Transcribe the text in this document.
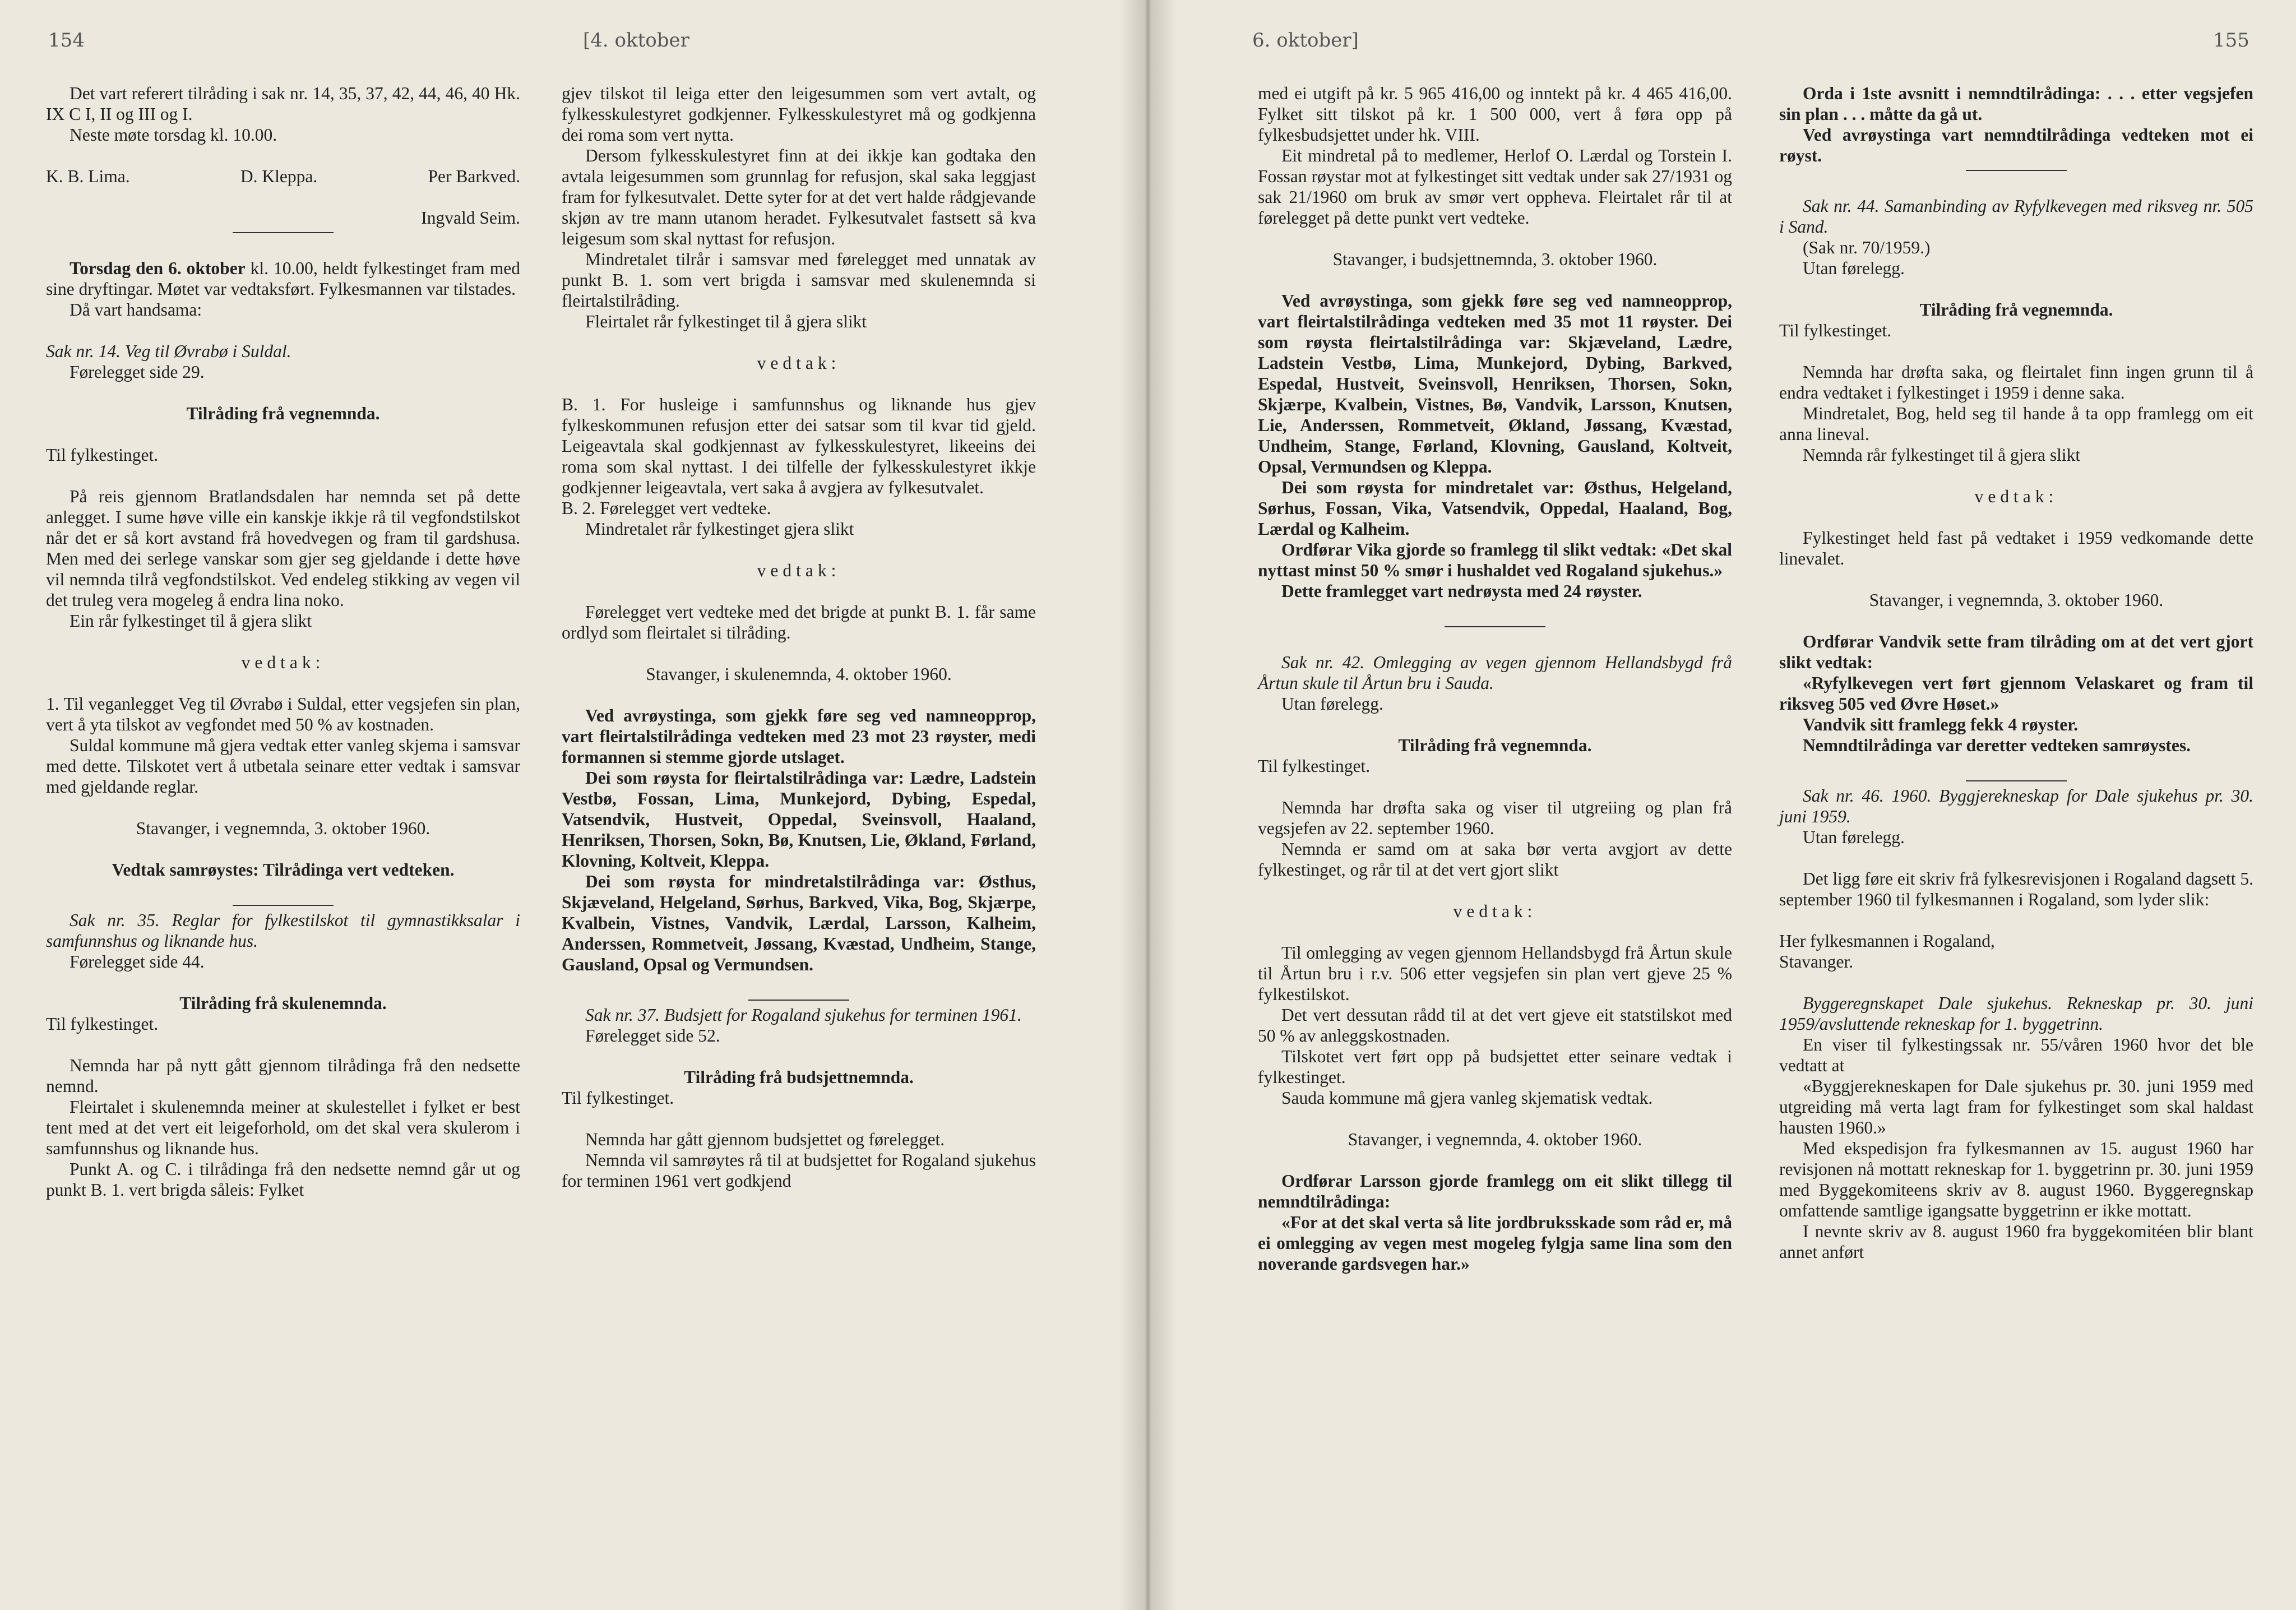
154	[4. oktober

Det vart referert tilråding i sak nr. 14, 35, 37, 42, 44, 46, 40 Hk. IX C I, II og III og I.

Neste møte torsdag kl. 10.00.

K. B. Lima.	D. Kleppa.	Per Barkved.

Ingvald Seim.

Torsdag den 6. oktober kl. 10.00, heldt fylkestinget fram med sine dryftingar. Møtet var vedtaksført. Fylkesmannen var tilstades.

Då vart handsama:

Sak nr. 14. Veg til Øvrabø i Suldal.

Førelegget side 29.

Tilråding frå vegnemnda.

Til fylkestinget.

På reis gjennom Bratlandsdalen har nemnda set på dette anlegget. I sume høve ville ein kanskje ikkje rå til vegfondstilskot når det er så kort avstand frå hovedvegen og fram til gardshusa. Men med dei serlege vanskar som gjer seg gjeldande i dette høve vil nemnda tilrå vegfondstilskot. Ved endeleg stikking av vegen vil det truleg vera mogeleg å endra lina noko.

Ein rår fylkestinget til å gjera slikt

vedtak:

1. Til veganlegget Veg til Øvrabø i Suldal, etter vegsjefen sin plan, vert å yta tilskot av vegfondet med 50 % av kostnaden.

Suldal kommune må gjera vedtak etter vanleg skjema i samsvar med dette. Tilskotet vert å utbetala seinare etter vedtak i samsvar med gjeldande reglar.

Stavanger, i vegnemnda, 3. oktober 1960.

Vedtak samrøystes: Tilrådinga vert vedteken.

Sak nr. 35. Reglar for fylkestilskot til gymnastikksalar i samfunnshus og liknande hus.

Førelegget side 44.

Tilråding frå skulenemnda.

Til fylkestinget.

Nemnda har på nytt gått gjennom tilrådinga frå den nedsette nemnd.

Fleirtalet i skulenemnda meiner at skulestellet i fylket er best tent med at det vert eit leigeforhold, om det skal vera skulerom i samfunnshus og liknande hus.

Punkt A. og C. i tilrådinga frå den nedsette nemnd går ut og punkt B. 1. vert brigda såleis: Fylket

gjev tilskot til leiga etter den leigesummen som vert avtalt, og fylkesskulestyret godkjenner. Fylkesskulestyret må og godkjenna dei roma som vert nytta.

Dersom fylkesskulestyret finn at dei ikkje kan godtaka den avtala leigesummen som grunnlag for refusjon, skal saka leggjast fram for fylkesutvalet. Dette syter for at det vert halde rådgjevande skjøn av tre mann utanom heradet. Fylkesutvalet fastsett så kva leigesum som skal nyttast for refusjon.

Mindretalet tilrår i samsvar med førelegget med unnatak av punkt B. 1. som vert brigda i samsvar med skulenemnda si fleirtalstilråding.

Fleirtalet rår fylkestinget til å gjera slikt

vedtak:

B. 1. For husleige i samfunnshus og liknande hus gjev fylkeskommunen refusjon etter dei satsar som til kvar tid gjeld. Leigeavtala skal godkjennast av fylkesskulestyret, likeeins dei roma som skal nyttast. I dei tilfelle der fylkesskulestyret ikkje godkjenner leigeavtala, vert saka å avgjera av fylkesutvalet.

B. 2. Førelegget vert vedteke.

Mindretalet rår fylkestinget gjera slikt

vedtak:

Førelegget vert vedteke med det brigde at punkt B. 1. får same ordlyd som fleirtalet si tilråding.

Stavanger, i skulenemnda, 4. oktober 1960.

Ved avrøystinga, som gjekk føre seg ved namneopprop, vart fleirtalstilrådinga vedteken med 23 mot 23 røyster, medi formannen si stemme gjorde utslaget.

Dei som røysta for fleirtalstilrådinga var: Lædre, Ladstein Vestbø, Fossan, Lima, Munkejord, Dybing, Espedal, Vatsendvik, Hustveit, Oppedal, Sveinsvoll, Haaland, Henriksen, Thorsen, Sokn, Bø, Knutsen, Lie, Økland, Førland, Klovning, Koltveit, Kleppa.

Dei som røysta for mindretalstilrådinga var: Østhus, Skjæveland, Helgeland, Sørhus, Barkved, Vika, Bog, Skjærpe, Kvalbein, Vistnes, Vandvik, Lærdal, Larsson, Kalheim, Anderssen, Rommetveit, Jøssang, Kvæstad, Undheim, Stange, Gausland, Opsal og Vermundsen.

Sak nr. 37. Budsjett for Rogaland sjukehus for terminen 1961.

Førelegget side 52.

Tilråding frå budsjettnemnda.

Til fylkestinget.

Nemnda har gått gjennom budsjettet og førelegget.

Nemnda vil samrøytes rå til at budsjettet for Rogaland sjukehus for terminen 1961 vert godkjend

6. oktober]	155

med ei utgift på kr. 5 965 416,00 og inntekt på kr. 4 465 416,00. Fylket sitt tilskot på kr. 1 500 000, vert å føra opp på fylkesbudsjettet under hk. VIII.

Eit mindretal på to medlemer, Herlof O. Lærdal og Torstein I. Fossan røystar mot at fylkestinget sitt vedtak under sak 27/1931 og sak 21/1960 om bruk av smør vert oppheva. Fleirtalet rår til at førelegget på dette punkt vert vedteke.

Stavanger, i budsjettnemnda, 3. oktober 1960.

Ved avrøystinga, som gjekk føre seg ved namneopprop, vart fleirtalstilrådinga vedteken med 35 mot 11 røyster. Dei som røysta fleirtalstilrådinga var: Skjæveland, Lædre, Ladstein Vestbø, Lima, Munkejord, Dybing, Barkved, Espedal, Hustveit, Sveinsvoll, Henriksen, Thorsen, Sokn, Skjærpe, Kvalbein, Vistnes, Bø, Vandvik, Larsson, Knutsen, Lie, Anderssen, Rommetveit, Økland, Jøssang, Kvæstad, Undheim, Stange, Førland, Klovning, Gausland, Koltveit, Opsal, Vermundsen og Kleppa.

Dei som røysta for mindretalet var: Østhus, Helgeland, Sørhus, Fossan, Vika, Vatsendvik, Oppedal, Haaland, Bog, Lærdal og Kalheim.

Ordførar Vika gjorde so framlegg til slikt vedtak: «Det skal nyttast minst 50 % smør i hushaldet ved Rogaland sjukehus.»

Dette framlegget vart nedrøysta med 24 røyster.

Sak nr. 42. Omlegging av vegen gjennom Hellandsbygd frå Årtun skule til Årtun bru i Sauda.

Utan førelegg.

Tilråding frå vegnemnda.

Til fylkestinget.

Nemnda har drøfta saka og viser til utgreiing og plan frå vegsjefen av 22. september 1960.

Nemnda er samd om at saka bør verta avgjort av dette fylkestinget, og rår til at det vert gjort slikt

vedtak:

Til omlegging av vegen gjennom Hellandsbygd frå Årtun skule til Årtun bru i r.v. 506 etter vegsjefen sin plan vert gjeve 25 % fylkestilskot.

Det vert dessutan rådd til at det vert gjeve eit statstilskot med 50 % av anleggskostnaden.

Tilskotet vert ført opp på budsjettet etter seinare vedtak i fylkestinget.

Sauda kommune må gjera vanleg skjematisk vedtak.

Stavanger, i vegnemnda, 4. oktober 1960.

Ordførar Larsson gjorde framlegg om eit slikt tillegg til nemndtilrådinga:

«For at det skal verta så lite jordbruksskade som råd er, må ei omlegging av vegen mest mogeleg fylgja same lina som den noverande gardsvegen har.»

Orda i 1ste avsnitt i nemndtilrådinga: . . . etter vegsjefen sin plan . . . måtte da gå ut.

Ved avrøystinga vart nemndtilrådinga vedteken mot ei røyst.

Sak nr. 44. Samanbinding av Ryfylkevegen med riksveg nr. 505 i Sand.

(Sak nr. 70/1959.)

Utan førelegg.

Tilråding frå vegnemnda.

Til fylkestinget.

Nemnda har drøfta saka, og fleirtalet finn ingen grunn til å endra vedtaket i fylkestinget i 1959 i denne saka.

Mindretalet, Bog, held seg til hande å ta opp framlegg om eit anna lineval.

Nemnda rår fylkestinget til å gjera slikt

vedtak:

Fylkestinget held fast på vedtaket i 1959 vedkomande dette linevalet.

Stavanger, i vegnemnda, 3. oktober 1960.

Ordførar Vandvik sette fram tilråding om at det vert gjort slikt vedtak:

«Ryfylkevegen vert ført gjennom Velaskaret og fram til riksveg 505 ved Øvre Høset.»

Vandvik sitt framlegg fekk 4 røyster.

Nemndtilrådinga var deretter vedteken samrøystes.

Sak nr. 46. 1960. Byggjerekneskap for Dale sjukehus pr. 30. juni 1959.

Utan førelegg.

Det ligg føre eit skriv frå fylkesrevisjonen i Rogaland dagsett 5. september 1960 til fylkesmannen i Rogaland, som lyder slik:

Her fylkesmannen i Rogaland,

Stavanger.

Byggeregnskapet Dale sjukehus. Rekneskap pr. 30. juni 1959/avsluttende rekneskap for 1. byggetrinn.

En viser til fylkestingssak nr. 55/våren 1960 hvor det ble vedtatt at

«Byggjerekneskapen for Dale sjukehus pr. 30. juni 1959 med utgreiding må verta lagt fram for fylkestinget som skal haldast hausten 1960.»

Med ekspedisjon fra fylkesmannen av 15. august 1960 har revisjonen nå mottatt rekneskap for 1. byggetrinn pr. 30. juni 1959 med Byggekomiteens skriv av 8. august 1960. Byggeregnskap omfattende samtlige igangsatte byggetrinn er ikke mottatt.

I nevnte skriv av 8. august 1960 fra byggekomitéen blir blant annet anført
